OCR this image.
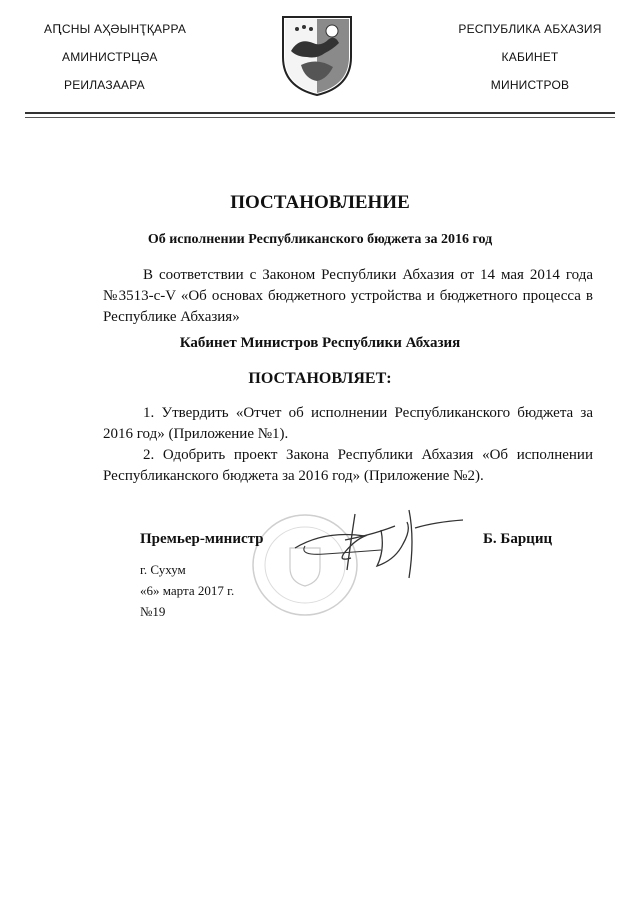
АԤСНЫ АҲӘЫНҬҚАРРА

АМИНИСТРЦӘА

РЕИЛАЗААРА

РЕСПУБЛИКА АБХАЗИЯ

КАБИНЕТ

МИНИСТРОВ

ПОСТАНОВЛЕНИЕ
Об исполнении Республиканского бюджета за 2016 год

В соответствии с Законом Республики Абхазия от 14 мая 2014 года №3513-с-V «Об основах бюджетного устройства и бюджетного процесса в Республике Абхазия»

Кабинет Министров Республики Абхазия
ПОСТАНОВЛЯЕТ:

1. Утвердить «Отчет об исполнении Республиканского бюджета за 2016 год» (Приложение №1).

2. Одобрить проект Закона Республики Абхазия «Об исполнении Республиканского бюджета за 2016 год» (Приложение №2).

Премьер-министр	Б. Барциц
г. Сухум
«6» марта 2017 г.
№19
